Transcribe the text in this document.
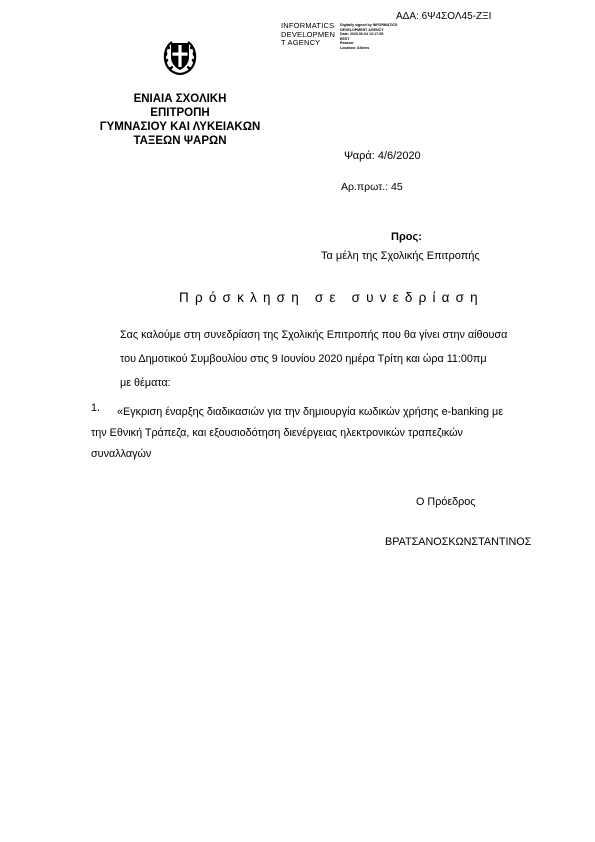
ΑΔΑ: 6Ψ4ΣΟΛ45-ΖΞΙ
INFORMATICS
DEVELOPMEN
T AGENCY
Digitally signed by INFORMATICS
DEVELOPMENT AGENCY
Date: 2020.06.04 13:17:55
EEST
Reason:
Location: Athens
ΕΝΙΑΙΑ ΣΧΟΛΙΚΗ
ΕΠΙΤΡΟΠΗ
ΓΥΜΝΑΣΙΟΥ ΚΑΙ ΛΥΚΕΙΑΚΩΝ
ΤΑΞΕΩΝ ΨΑΡΩΝ
Ψαρά: 4/6/2020
Αρ.πρωτ.: 45
Προς:
Τα μέλη της Σχολικής Επιτροπής
Πρόσκληση σε συνεδρίαση
Σας καλούμε στη συνεδρίαση της Σχολικής Επιτροπής που θα γίνει στην αίθουσα
του Δημοτικού Συμβουλίου στις 9 Ιουνίου 2020 ημέρα Τρίτη και ώρα 11:00πμ
με θέματα:
1.	«Εγκριση έναρξης διαδικασιών για την δημιουργία κωδικών χρήσης e-banking με
την Εθνική Τράπεζα, και εξουσιοδότηση διενέργειας ηλεκτρονικών τραπεζικών
συναλλαγών
Ο Πρόεδρος
ΒΡΑΤΣΑΝΟΣΚΩΝΣΤΑΝΤΙΝΟΣ
